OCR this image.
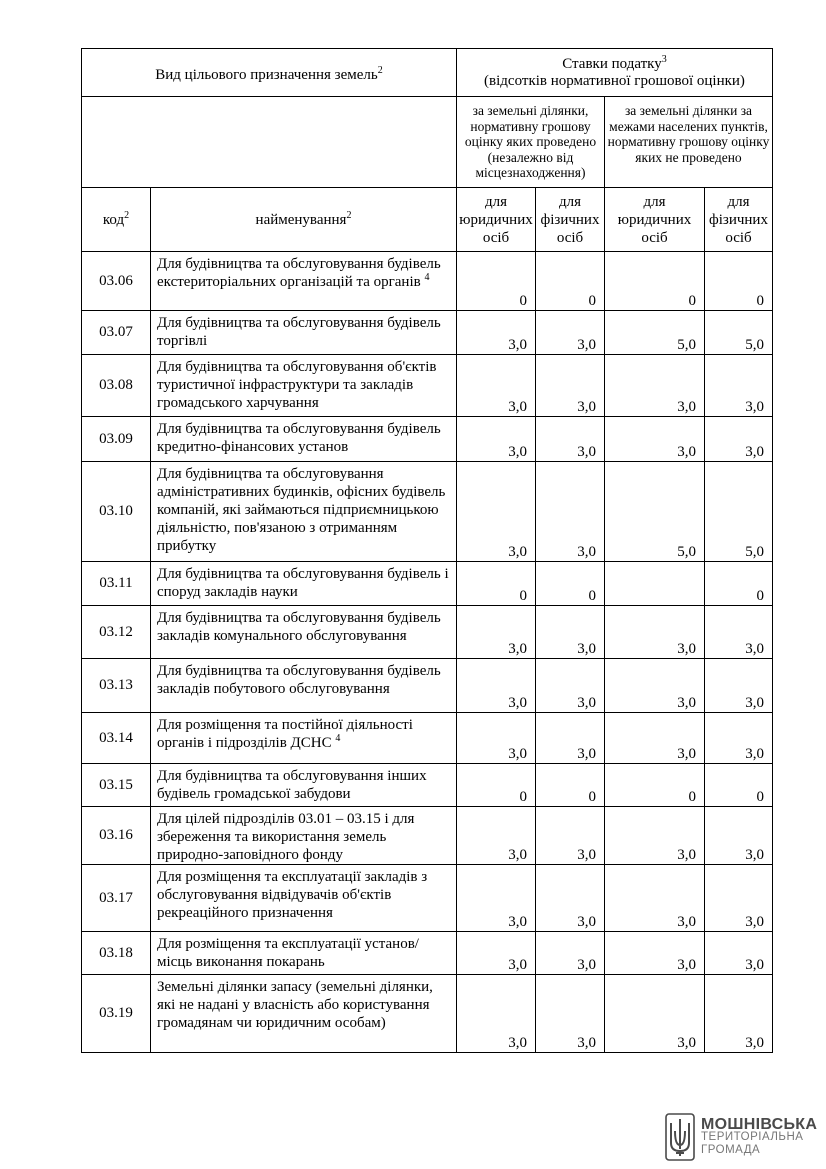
Вид цільового призначення земель$^2$		Ставки податку$^3$
(відсотків нормативної грошової оцінки)			
		за земельні ділянки, нормативну грошову оцінку яких проведено (незалежно від місцезнаходження)		за земельні ділянки за межами населених пунктів, нормативну грошову оцінку яких не проведено	
код$^2$	найменування$^2$	для юридичних осіб	для фізичних осіб	для юридичних осіб	для фізичних осіб
03.06	Для будівництва та обслуговування будівель екстериторіальних організацій та органів $^4$	0	0	0	0
03.07	Для будівництва та обслуговування будівель торгівлі	3,0	3,0	5,0	5,0
03.08	Для будівництва та обслуговування об'єктів туристичної інфраструктури та закладів громадського харчування	3,0	3,0	3,0	3,0
03.09	Для будівництва та обслуговування будівель кредитно-фінансових установ	3,0	3,0	3,0	3,0
03.10	Для будівництва та обслуговування адміністративних будинків, офісних будівель компаній, які займаються підприємницькою діяльністю, пов'язаною з отриманням прибутку	3,0	3,0	5,0	5,0
03.11	Для будівництва та обслуговування будівель і споруд закладів науки	0	0		0
03.12	Для будівництва та обслуговування будівель закладів комунального обслуговування	3,0	3,0	3,0	3,0
03.13	Для будівництва та обслуговування будівель закладів побутового обслуговування	3,0	3,0	3,0	3,0
03.14	Для розміщення та постійної діяльності органів і підрозділів ДСНС $^4$	3,0	3,0	3,0	3,0
03.15	Для будівництва та обслуговування інших будівель громадської забудови	0	0	0	0
03.16	Для цілей підрозділів 03.01 – 03.15 і для збереження та використання земель природно-заповідного фонду	3,0	3,0	3,0	3,0
03.17	Для розміщення та експлуатації закладів з обслуговування відвідувачів об'єктів рекреаційного призначення	3,0	3,0	3,0	3,0
03.18	Для розміщення та експлуатації установ/місць виконання покарань	3,0	3,0	3,0	3,0
03.19	Земельні ділянки запасу (земельні ділянки, які не надані у власність або користування громадянам чи юридичним особам)	3,0	3,0	3,0	3,0
МОШНІВСЬКА
ТЕРИТОРІАЛЬНА
ГРОМАДА
